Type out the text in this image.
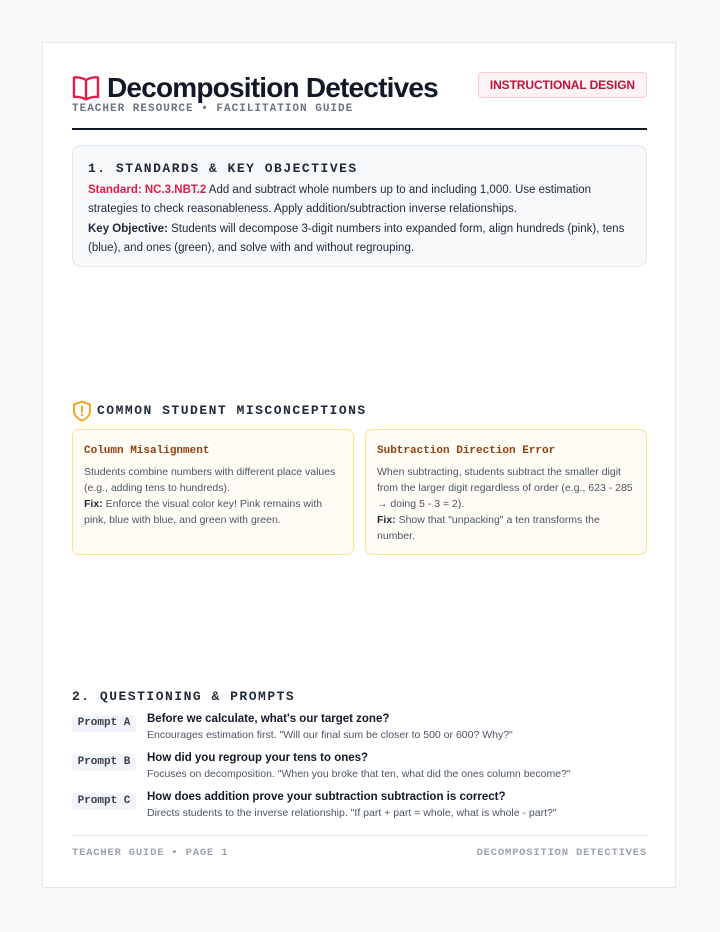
Decomposition Detectives	INSTRUCTIONAL DESIGN
TEACHER RESOURCE • FACILITATION GUIDE
1. STANDARDS & KEY OBJECTIVES

Standard: NC.3.NBT.2 Add and subtract whole numbers up to and including 1,000. Use estimation strategies to check reasonableness. Apply addition/subtraction inverse relationships.

Key Objective: Students will decompose 3-digit numbers into expanded form, align hundreds (pink), tens (blue), and ones (green), and solve with and without regrouping.

COMMON STUDENT MISCONCEPTIONS
Column Misalignment
Students combine numbers with different place values (e.g., adding tens to hundreds).
Fix: Enforce the visual color key! Pink remains with pink, blue with blue, and green with green.
Subtraction Direction Error
When subtracting, students subtract the smaller digit from the larger digit regardless of order (e.g., 623 - 285 → doing 5 - 3 = 2).
Fix: Show that "unpacking" a ten transforms the number.
2. QUESTIONING & PROMPTS
Prompt A	Before we calculate, what's our target zone?
Encourages estimation first. "Will our final sum be closer to 500 or 600? Why?"
Prompt B	How did you regroup your tens to ones?
Focuses on decomposition. "When you broke that ten, what did the ones column become?"
Prompt C	How does addition prove your subtraction subtraction is correct?
Directs students to the inverse relationship. "If part + part = whole, what is whole - part?"
TEACHER GUIDE • PAGE 1	DECOMPOSITION DETECTIVES
